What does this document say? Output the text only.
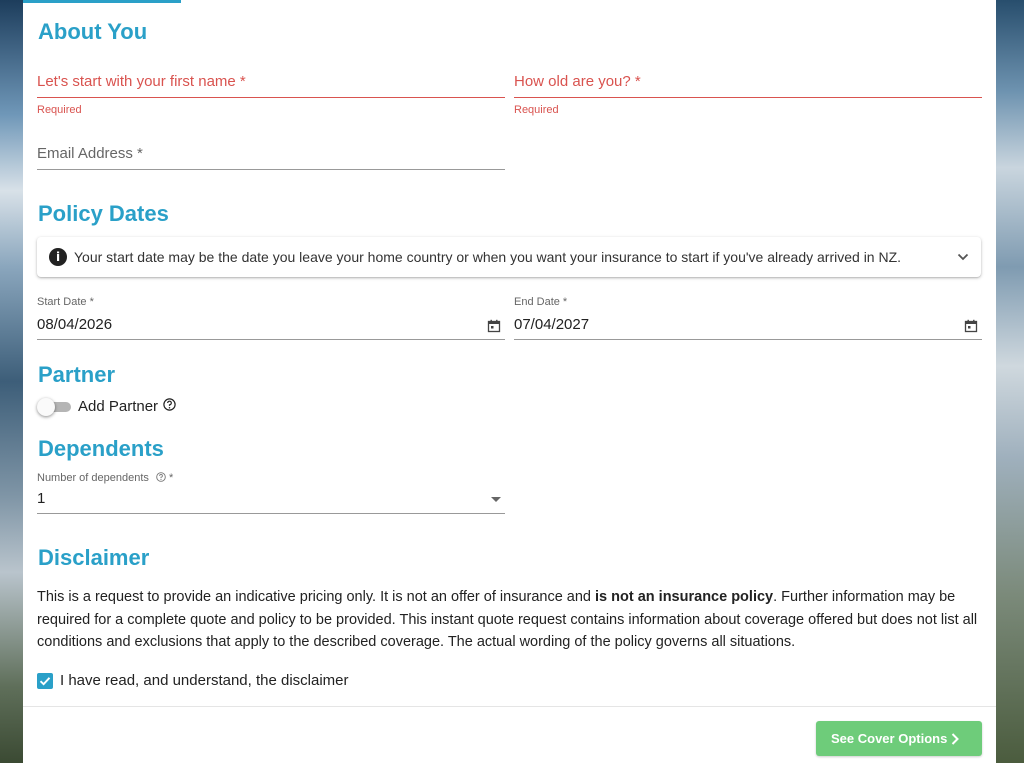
About You
Let's start with your first name *
Required
How old are you? *
Required
Email Address *
Policy Dates
i Your start date may be the date you leave your home country or when you want your insurance to start if you've already arrived in NZ.
Start Date *
08/04/2026
End Date *
07/04/2027
Partner
Add Partner
Dependents
Number of dependents *
1
Disclaimer

This is a request to provide an indicative pricing only. It is not an offer of insurance and is not an insurance policy. Further information may be required for a complete quote and policy to be provided. This instant quote request contains information about coverage offered but does not list all conditions and exclusions that apply to the described coverage. The actual wording of the policy governs all situations.

I have read, and understand, the disclaimer
See Cover Options
